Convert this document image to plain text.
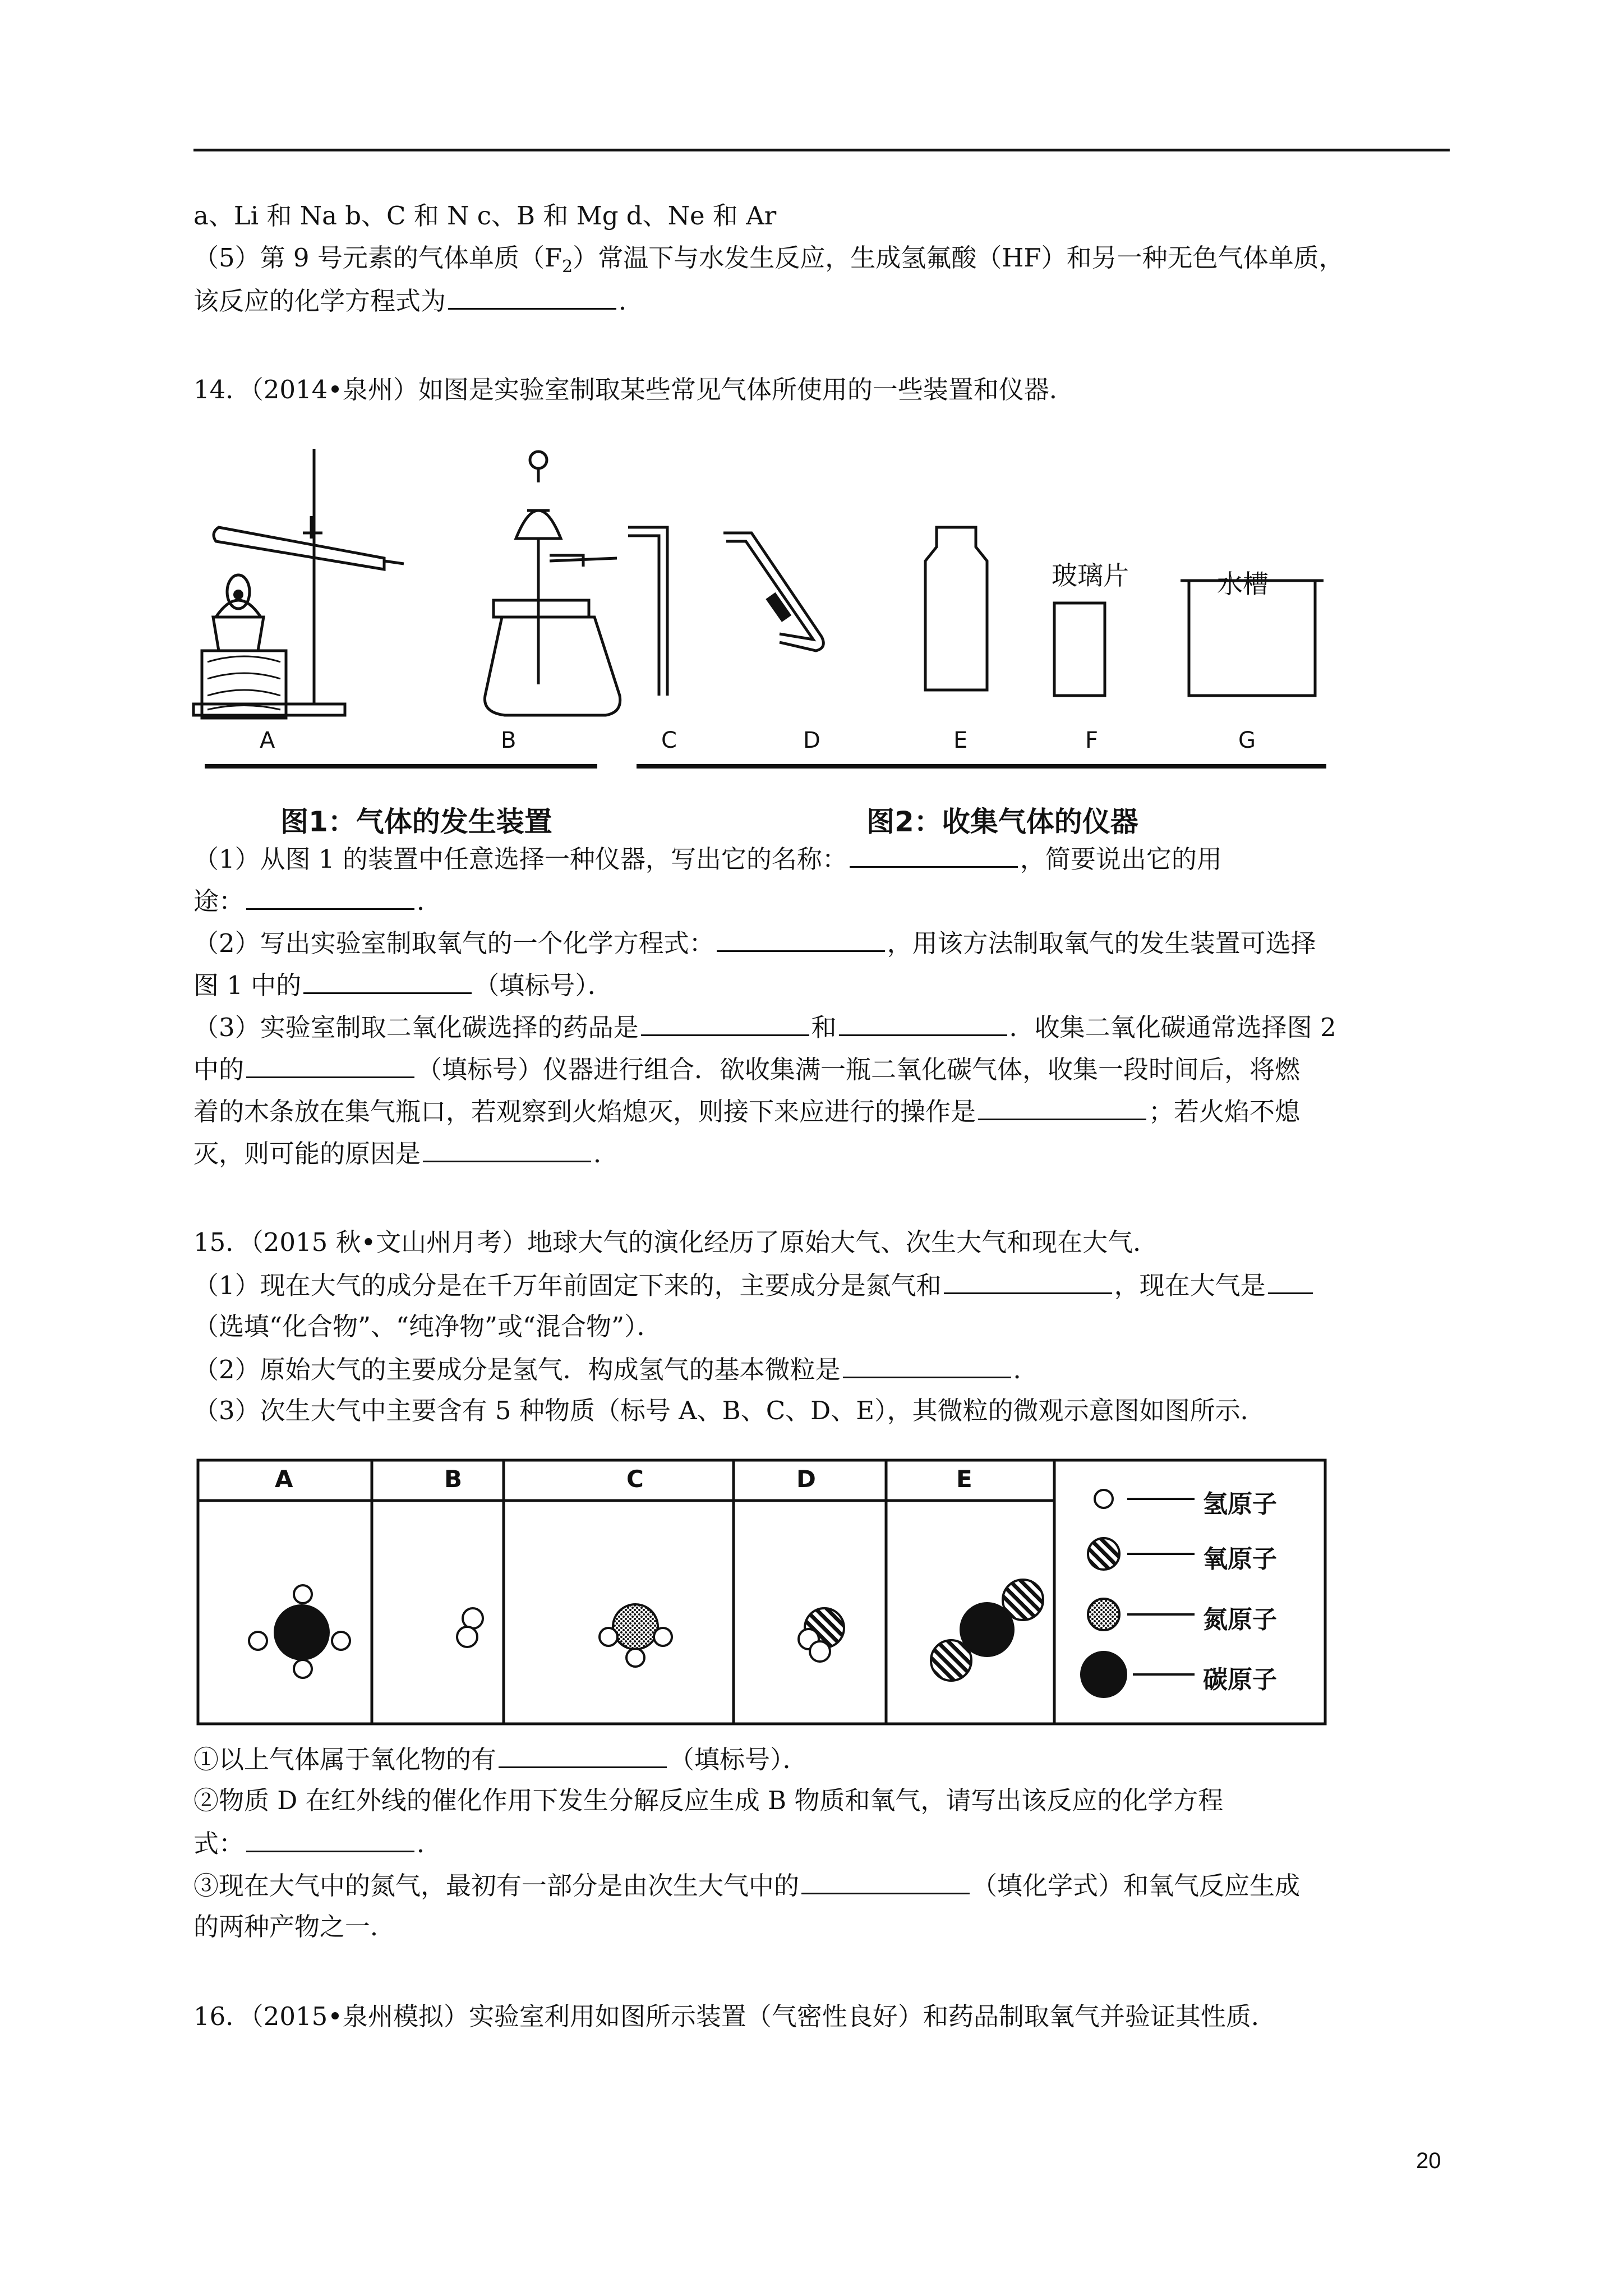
a、Li 和 Na b、C 和 N c、B 和 Mg d、Ne 和 Ar
（5）第 9 号元素的气体单质$(F_2)$常温下与水发生反应，生成氢氟酸（HF）和另一种无色气体单质，
该反应的化学方程式为	．
14．（2014•泉州）如图是实验室制取某些常见气体所使用的一些装置和仪器．
A	B	C	D	E	F	G
玻璃片	水槽
图1：气体的发生装置	图2：收集气体的仪器
（1）从图 1 的装置中任意选择一种仪器，写出它的名称：	，简要说出它的用
途：	．
（2）写出实验室制取氧气的一个化学方程式：	，用该方法制取氧气的发生装置可选择
图 1 中的	（填标号）．
（3）实验室制取二氧化碳选择的药品是	和	．收集二氧化碳通常选择图 2
中的	（填标号）仪器进行组合．欲收集满一瓶二氧化碳气体，收集一段时间后，将燃
着的木条放在集气瓶口，若观察到火焰熄灭，则接下来应进行的操作是	；若火焰不熄
灭，则可能的原因是	．
15．（2015 秋•文山州月考）地球大气的演化经历了原始大气、次生大气和现在大气．
（1）现在大气的成分是在千万年前固定下来的，主要成分是氮气和	，现在大气是
（选填“化合物”、“纯净物”或“混合物”）．
（2）原始大气的主要成分是氢气．构成氢气的基本微粒是	．
（3）次生大气中主要含有 5 种物质（标号 A、B、C、D、E），其微粒的微观示意图如图所示．
A	B	C	D	E
氢原子
氧原子
氮原子
碳原子
①以上气体属于氧化物的有	（填标号）．
②物质 D 在红外线的催化作用下发生分解反应生成 B 物质和氧气，请写出该反应的化学方程
式：	．
③现在大气中的氮气，最初有一部分是由次生大气中的	（填化学式）和氧气反应生成
的两种产物之一．
16．（2015•泉州模拟）实验室利用如图所示装置（气密性良好）和药品制取氧气并验证其性质．
20
